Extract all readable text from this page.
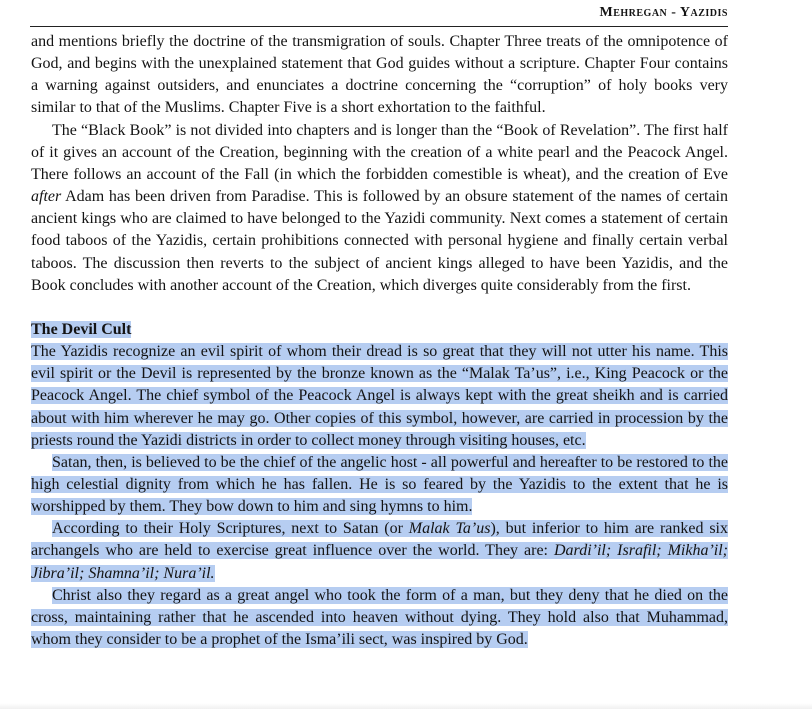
Mehregan - Yazidis

and mentions briefly the doctrine of the transmigration of souls. Chapter Three treats of the omnipotence of God, and begins with the unexplained statement that God guides without a scripture. Chapter Four contains a warning against outsiders, and enunciates a doctrine concerning the “corruption” of holy books very similar to that of the Muslims. Chapter Five is a short exhortation to the faithful.

The “Black Book” is not divided into chapters and is longer than the “Book of Revelation”. The first half of it gives an account of the Creation, beginning with the creation of a white pearl and the Peacock Angel. There follows an account of the Fall (in which the forbidden comestible is wheat), and the creation of Eve after Adam has been driven from Paradise. This is followed by an obsure statement of the names of certain ancient kings who are claimed to have belonged to the Yazidi community. Next comes a statement of certain food taboos of the Yazidis, certain prohibitions connected with personal hygiene and finally certain verbal taboos. The discussion then reverts to the subject of ancient kings alleged to have been Yazidis, and the Book concludes with another account of the Creation, which diverges quite considerably from the first.

The Devil Cult

The Yazidis recognize an evil spirit of whom their dread is so great that they will not utter his name. This evil spirit or the Devil is represented by the bronze known as the “Malak Ta’us”, i.e., King Peacock or the Peacock Angel. The chief symbol of the Peacock Angel is always kept with the great sheikh and is carried about with him wherever he may go. Other copies of this symbol, however, are carried in procession by the priests round the Yazidi districts in order to collect money through visiting houses, etc.

Satan, then, is believed to be the chief of the angelic host - all powerful and hereafter to be restored to the high celestial dignity from which he has fallen. He is so feared by the Yazidis to the extent that he is worshipped by them. They bow down to him and sing hymns to him.

According to their Holy Scriptures, next to Satan (or Malak Ta’us), but inferior to him are ranked six archangels who are held to exercise great influence over the world. They are: Dardi’il; Israfil; Mikha’il; Jibra’il; Shamna’il; Nura’il.

Christ also they regard as a great angel who took the form of a man, but they deny that he died on the cross, maintaining rather that he ascended into heaven without dying. They hold also that Muhammad, whom they consider to be a prophet of the Isma’ili sect, was inspired by God.
